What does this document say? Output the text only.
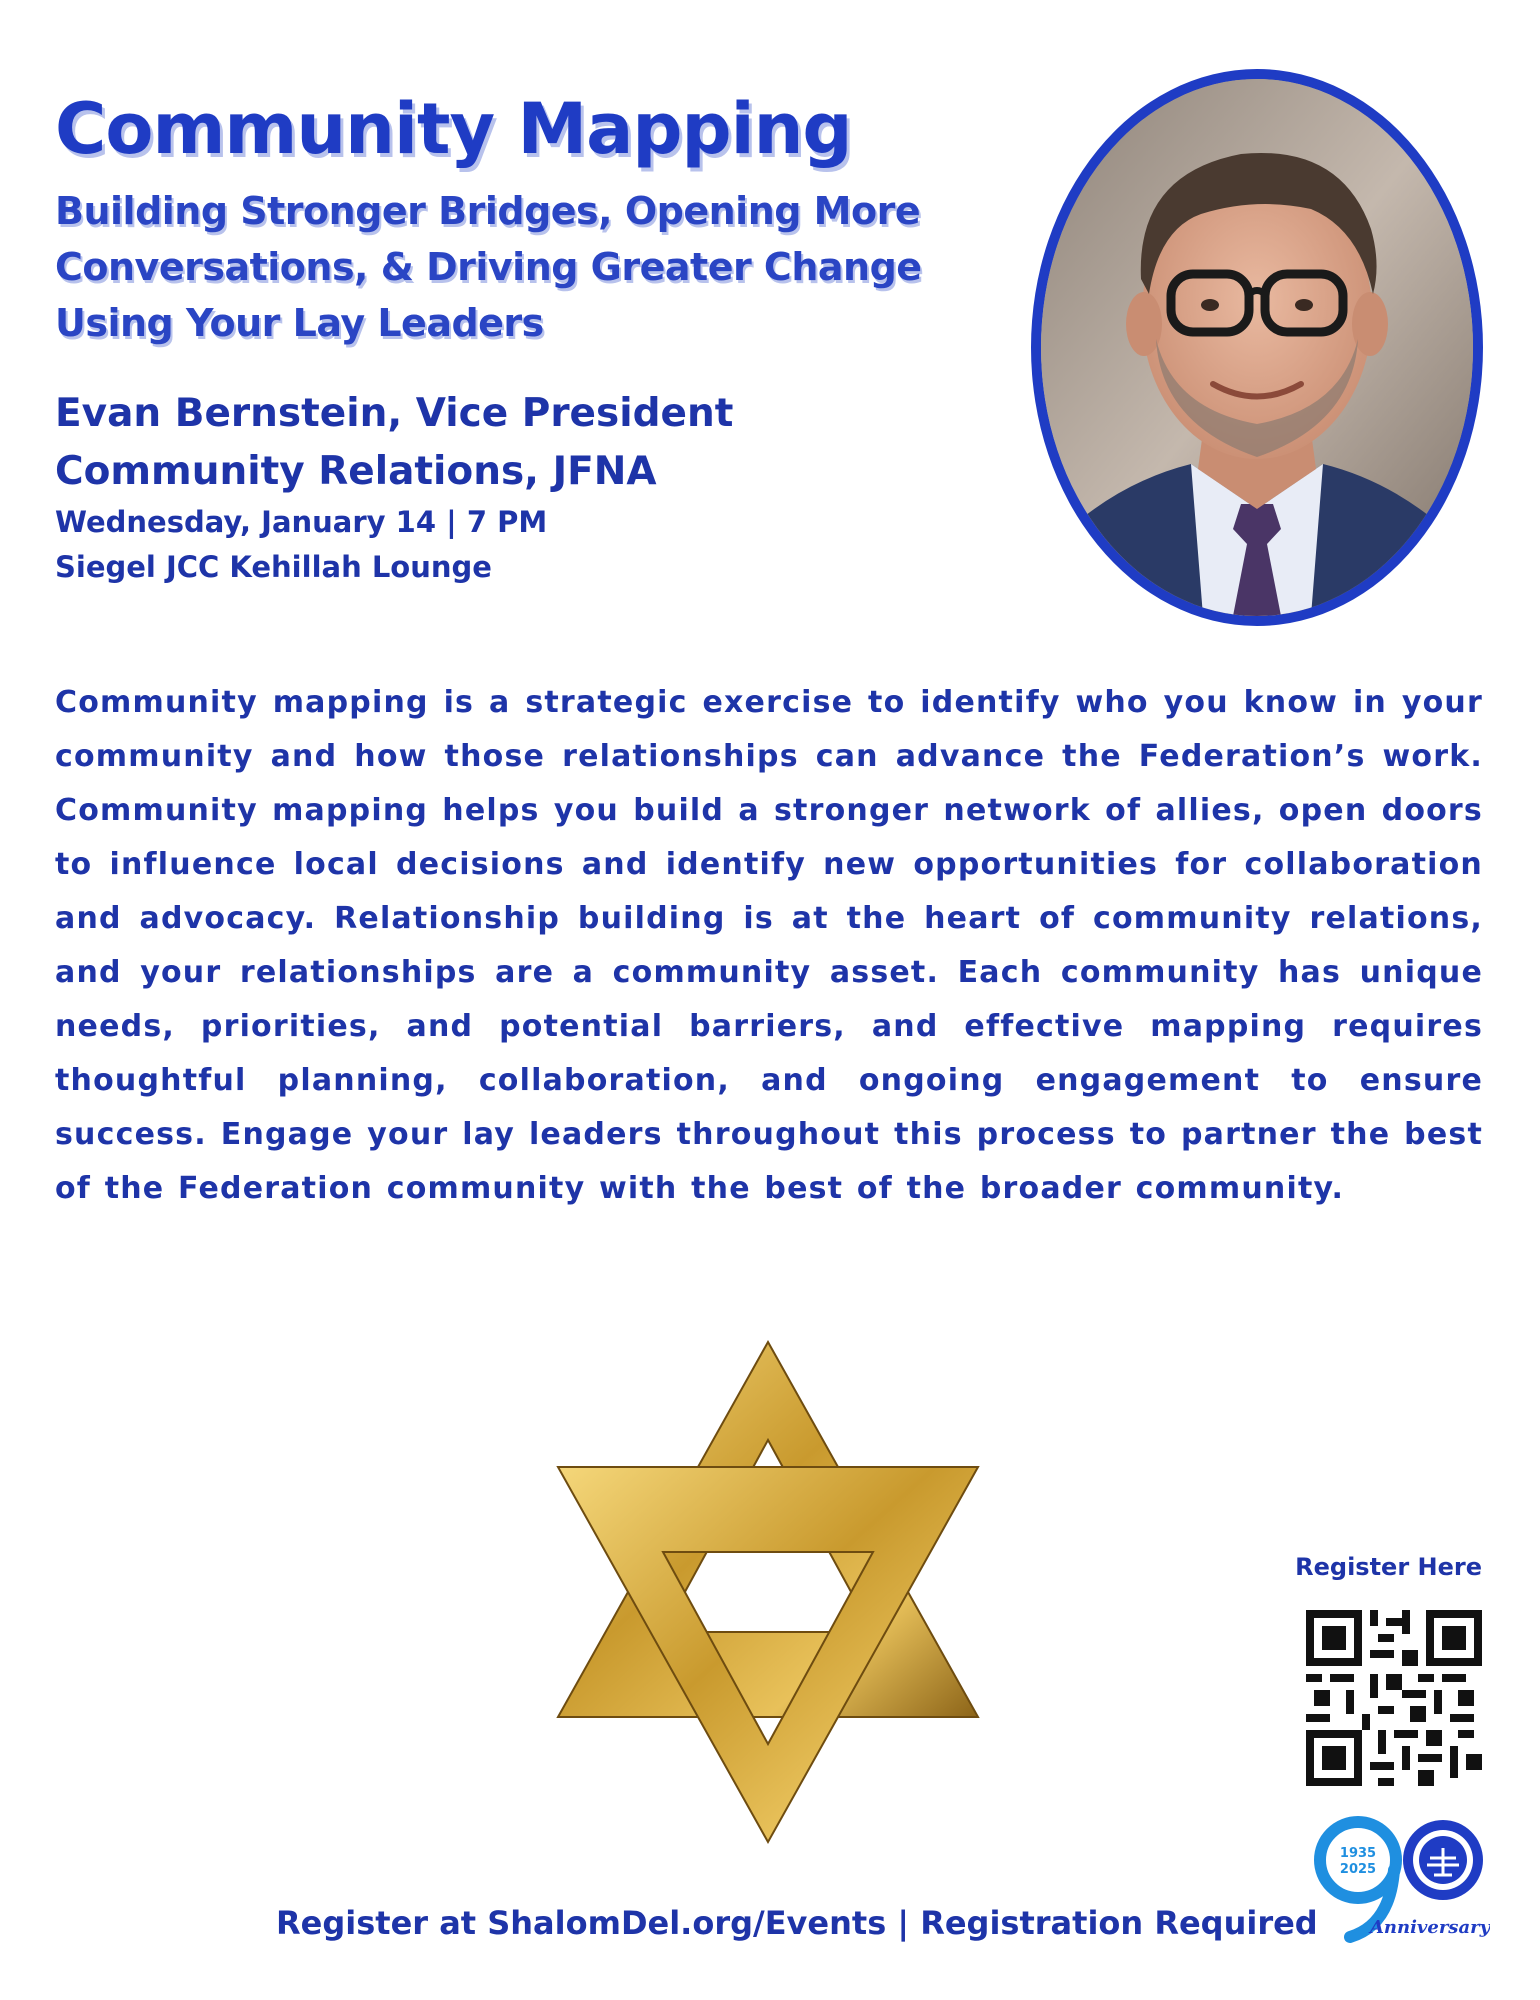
Community Mapping
Building Stronger Bridges, Opening More
Conversations, & Driving Greater Change
Using Your Lay Leaders
Evan Bernstein, Vice President
Community Relations, JFNA
Wednesday, January 14 | 7 PM
Siegel JCC Kehillah Lounge

Community mapping is a strategic exercise to identify who you know in your community and how those relationships can advance the Federation’s work. Community mapping helps you build a stronger network of allies, open doors to influence local decisions and identify new opportunities for collaboration and advocacy. Relationship building is at the heart of community relations, and your relationships are a community asset. Each community has unique needs, priorities, and potential barriers, and effective mapping requires thoughtful planning, collaboration, and ongoing engagement to ensure success. Engage your lay leaders throughout this process to partner the best of the Federation community with the best of the broader community.

Register Here
1935
2025
Anniversary
Register at ShalomDel.org/Events | Registration Required
